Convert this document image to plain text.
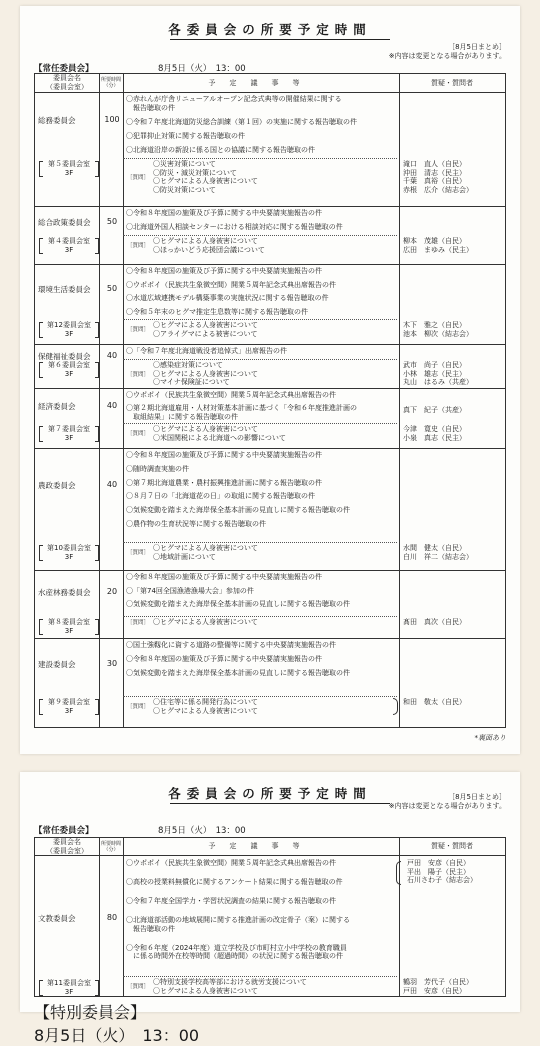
各委員会の所要予定時間
［8月5日まとめ］
※内容は変更となる場合があります。
【常任委員会】	8月5日（火）　13：00
委員会名
（委員会室）
所要時間
（分）	予定議事等	質疑・質問者
総務委員会	100
第５委員会室
3F
〇赤れんが庁舎リニューアルオープン記念式典等の開催結果に関する
　報告聴取の件
〇令和７年度北海道防災総合訓練（第１回）の実施に関する報告聴取の件
〇犯罪抑止対策に関する報告聴取の件
〇北海道沿岸の新設に係る国との協議に関する報告聴取の件
〇災害対策について
〇防災・減災対策について
〇ヒグマによる人身被害について
〇防災対策について
［質問］
滝口　直人（自民）
沖田　清志（民主）
千葉　真裕（自民）
赤根　広介（結志会）
総合政策委員会	50
第４委員会室
3F
〇令和８年度国の施策及び予算に関する中央要請実施報告の件
〇北海道外国人相談センターにおける相談対応に関する報告聴取の件
〇ヒグマによる人身被害について
〇ほっかいどう応援団会議について
［質問］
柳本　茂雄（自民）
広田　まゆみ（民主）
環境生活委員会	50
第12委員会室
3F
〇令和８年度国の施策及び予算に関する中央要請実施報告の件
〇ウポポイ（民族共生象徴空間）開業５周年記念式典出席報告の件
〇水道広域連携モデル構築事業の実施状況に関する報告聴取の件
〇令和５年末のヒグマ推定生息数等に関する報告聴取の件
〇ヒグマによる人身被害について
〇アライグマによる被害について
［質問］
木下　雅之（自民）
池本　柳次（結志会）
保健福祉委員会	40
第６委員会室
3F
〇「令和７年度北海道戦没者追悼式」出席報告の件
〇感染症対策について
〇ヒグマによる人身被害について
〇マイナ保険証について
［質問］
武市　尚子（自民）
小林　雄志（民主）
丸山　はるみ（共産）
経済委員会	40
第７委員会室
3F
〇ウポポイ（民族共生象徴空間）開業５周年記念式典出席報告の件
〇第２期北海道雇用・人材対策基本計画に基づく「令和６年度推進計画の
　取組結果」に関する報告聴取の件
〇ヒグマによる人身被害について
〇米国関税による北海道への影響について
［質問］
今津　寛史（自民）
小泉　真志（民主）
真下　紀子（共産）
農政委員会	40
第10委員会室
3F
〇令和８年度国の施策及び予算に関する中央要請実施報告の件
〇随時調査実施の件
〇第７期北海道農業・農村振興推進計画に関する報告聴取の件
〇８月７日の「北海道花の日」の取組に関する報告聴取の件
〇気候変動を踏まえた海岸保全基本計画の見直しに関する報告聴取の件
〇農作物の生育状況等に関する報告聴取の件
〇ヒグマによる人身被害について
〇地域計画について
［質問］
水間　健太（自民）
白川　祥二（結志会）
水産林務委員会	20
第８委員会室
3F
〇令和８年度国の施策及び予算に関する中央要請実施報告の件
〇「第74回全国漁港漁場大会」参加の件
〇気候変動を踏まえた海岸保全基本計画の見直しに関する報告聴取の件
〇ヒグマによる人身被害について
［質問］	髙田　真次（自民）
建設委員会	30
第９委員会室
3F
〇国土強靱化に資する道路の整備等に関する中央要請実施報告の件
〇令和８年度国の施策及び予算に関する中央要請実施報告の件
〇気候変動を踏まえた海岸保全基本計画の見直しに関する報告聴取の件
〇住宅等に係る開発行為について
〇ヒグマによる人身被害について
［質問］
和田　敬太（自民）
*裏面あり
各委員会の所要予定時間	［8月5日まとめ］
※内容は変更となる場合があります。
【常任委員会】	8月5日（火）　13：00
委員会名
（委員会室）
所要時間
（分）	予定議事等	質疑・質問者
文教委員会	80
第11委員会室
3F
〇ウポポイ（民族共生象徴空間）開業５周年記念式典出席報告の件
〇高校の授業料無償化に関するアンケート結果に関する報告聴取の件
〇令和７年度全国学力・学習状況調査の結果に関する報告聴取の件
〇北海道部活動の地域展開に関する推進計画の改定骨子（案）に関する
　報告聴取の件
〇令和６年度（2024年度）道立学校及び市町村立小中学校の教育職員
　に係る時間外在校等時間（超過時間）の状況に関する報告聴取の件
〇特別支援学校高等部における就労支援について
〇ヒグマによる人身被害について
［質問］
戸田　安彦（自民）
平出　陽子（民主）
石川さわ子（結志会）
鶴羽　芳代子（自民）
戸田　安彦（自民）
【特別委員会】
8月5日（火）　13：00
